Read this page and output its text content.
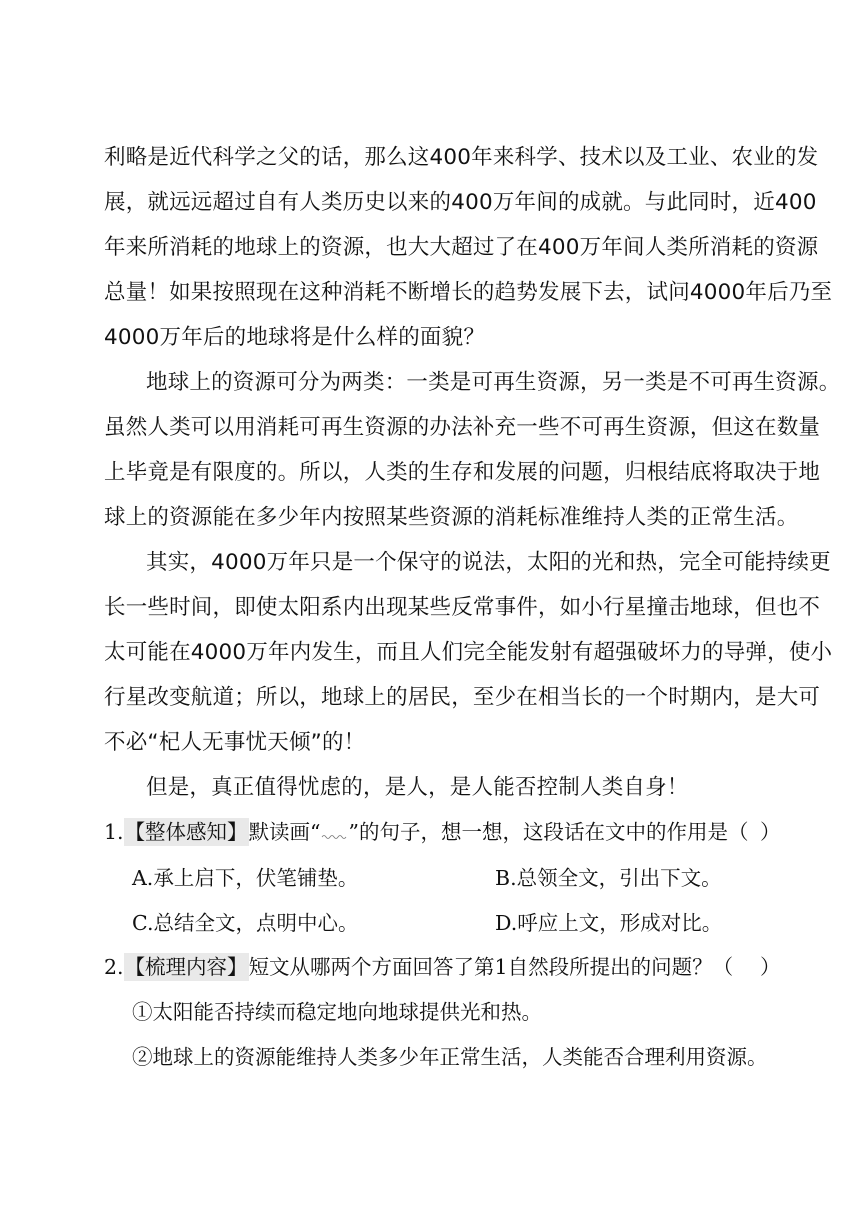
利略是近代科学之父的话，那么这400年来科学、技术以及工业、农业的发
展，就远远超过自有人类历史以来的400万年间的成就。与此同时，近400
年来所消耗的地球上的资源，也大大超过了在400万年间人类所消耗的资源
总量！如果按照现在这种消耗不断增长的趋势发展下去，试问4000年后乃至
4000万年后的地球将是什么样的面貌？
地球上的资源可分为两类：一类是可再生资源，另一类是不可再生资源。
虽然人类可以用消耗可再生资源的办法补充一些不可再生资源，但这在数量
上毕竟是有限度的。所以，人类的生存和发展的问题，归根结底将取决于地
球上的资源能在多少年内按照某些资源的消耗标准维持人类的正常生活。
其实，4000万年只是一个保守的说法，太阳的光和热，完全可能持续更
长一些时间，即使太阳系内出现某些反常事件，如小行星撞击地球，但也不
太可能在4000万年内发生，而且人们完全能发射有超强破坏力的导弹，使小
行星改变航道；所以，地球上的居民，至少在相当长的一个时期内，是大可
不必“杞人无事忧天倾”的！
但是，真正值得忧虑的，是人，是人能否控制人类自身！
1.【整体感知】默读画“ ”的句子，想一想，这段话在文中的作用是（ ）
A.承上启下，伏笔铺垫。	B.总领全文，引出下文。
C.总结全文，点明中心。	D.呼应上文，形成对比。
2.【梳理内容】短文从哪两个方面回答了第1自然段所提出的问题？（ ）
①太阳能否持续而稳定地向地球提供光和热。
②地球上的资源能维持人类多少年正常生活，人类能否合理利用资源。
